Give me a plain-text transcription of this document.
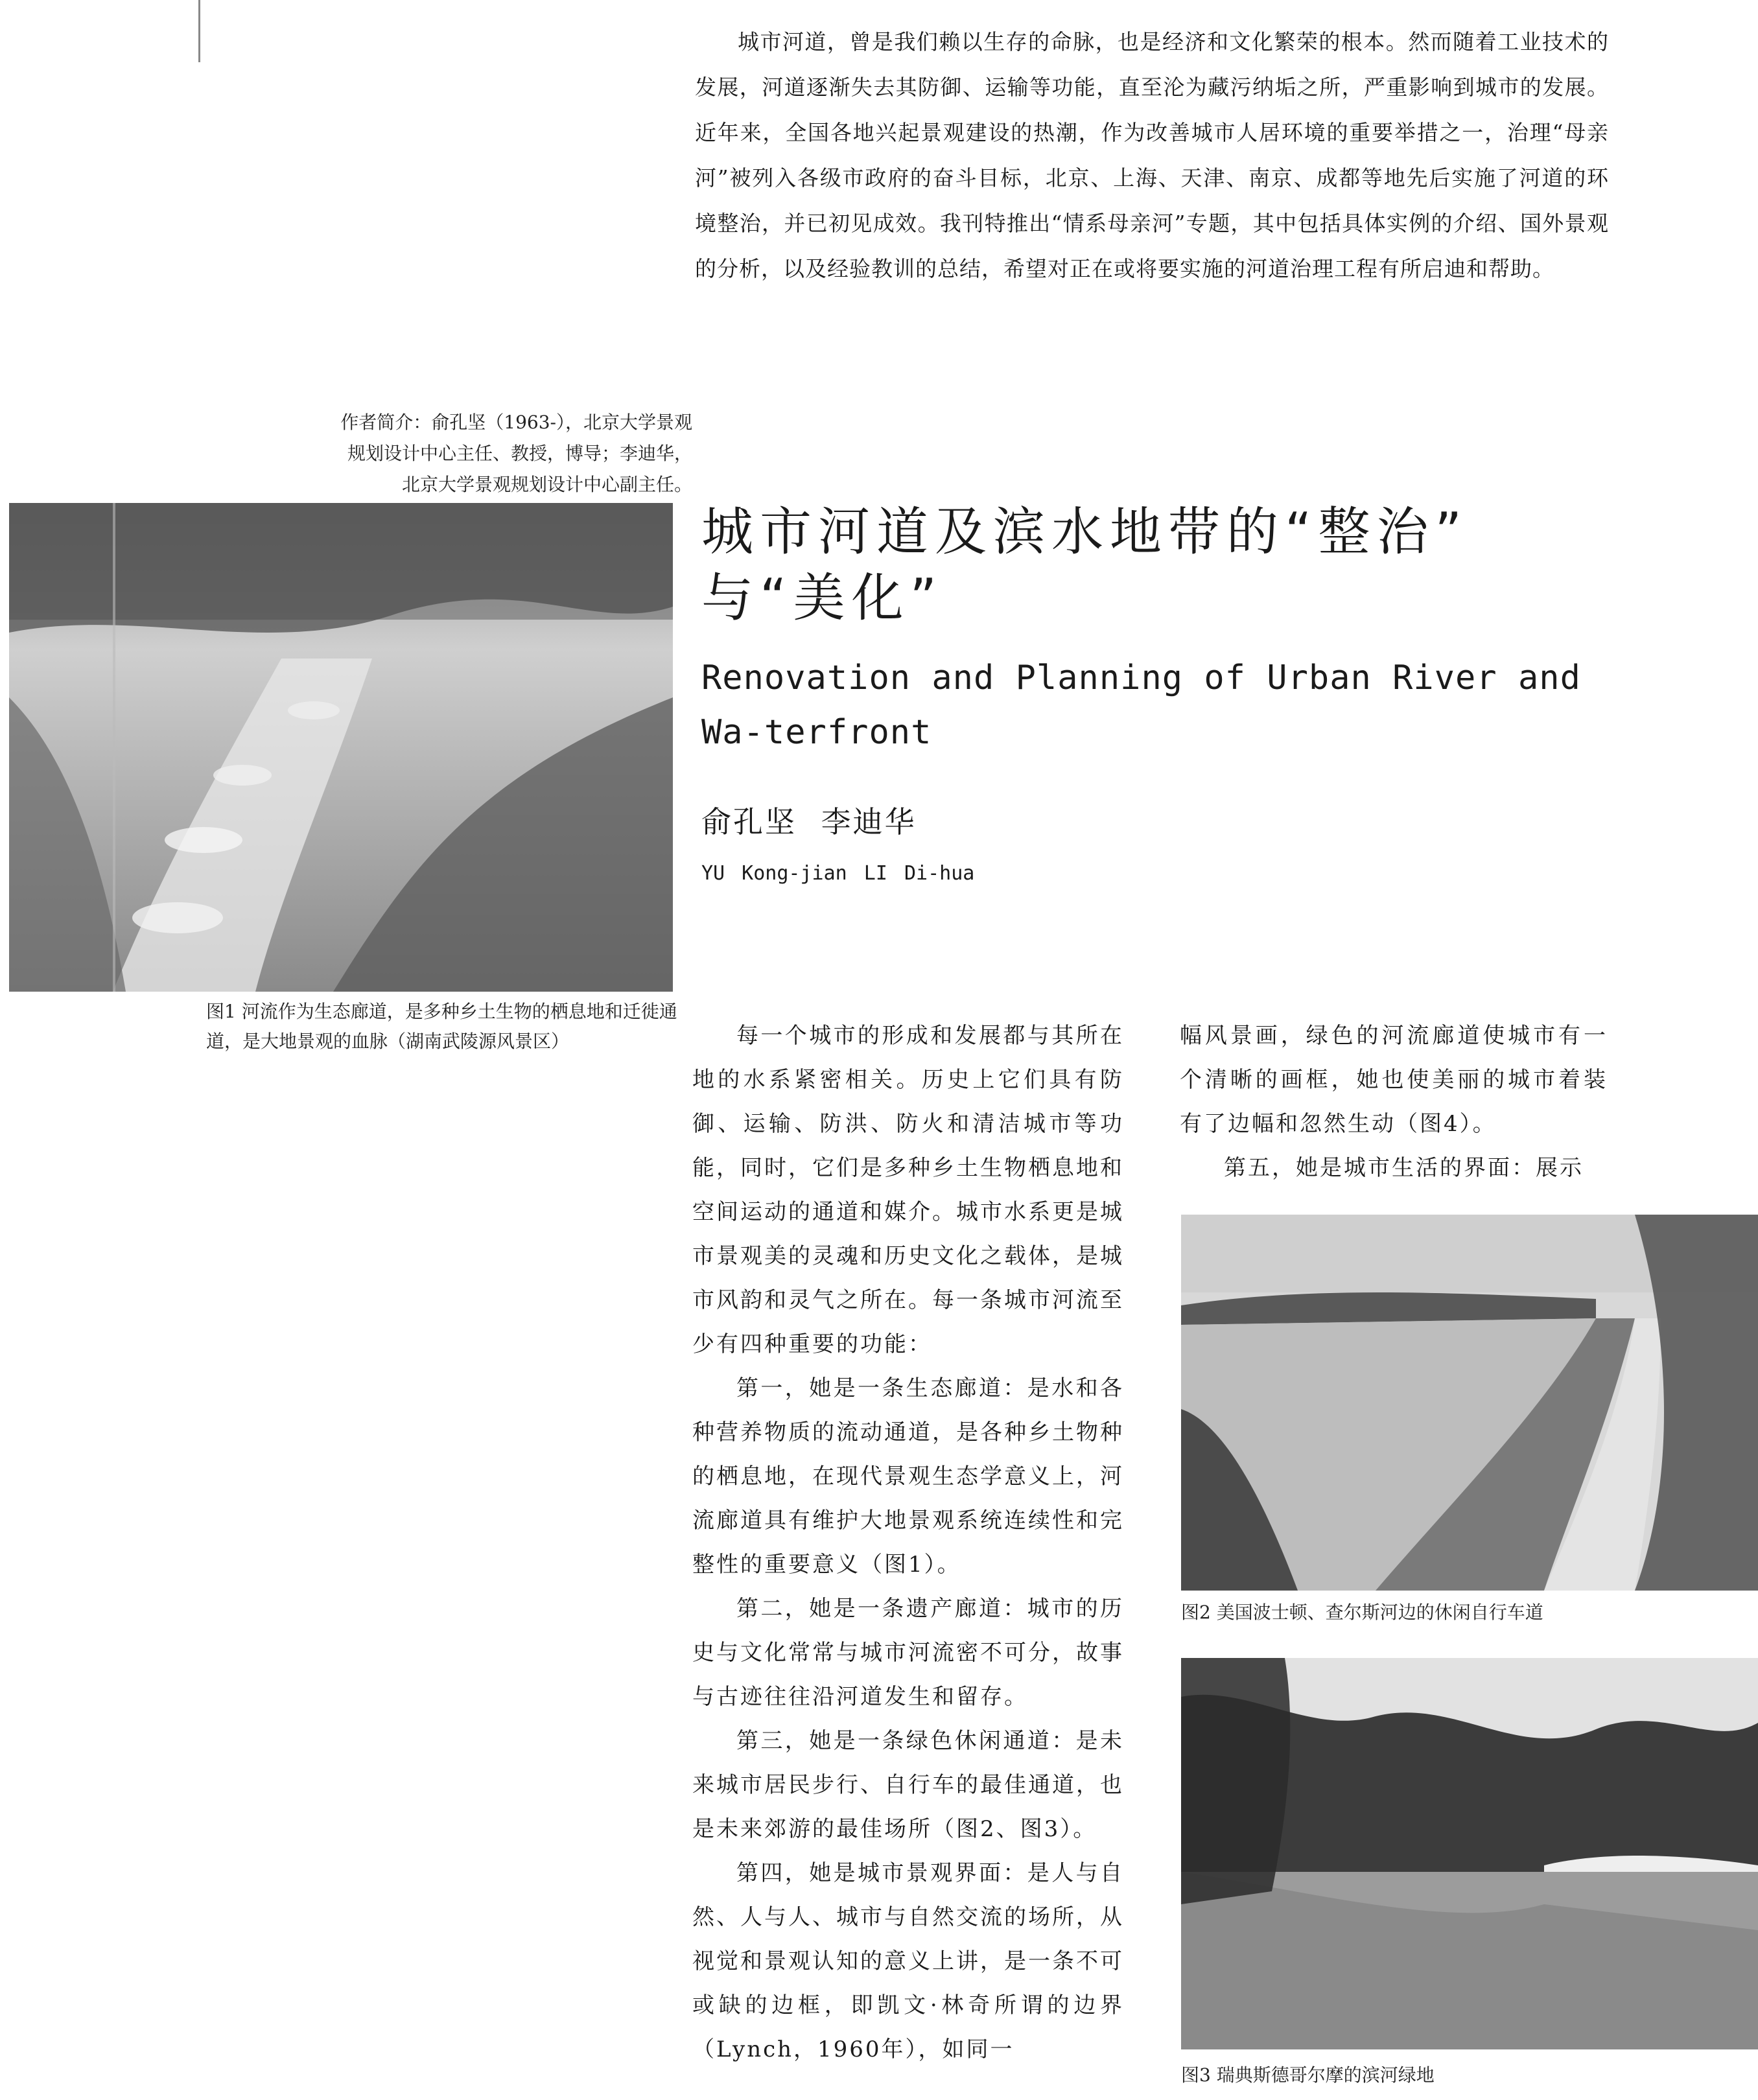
城市河道，曾是我们赖以生存的命脉，也是经济和文化繁荣的根本。然而随着工业技术的发展，河道逐渐失去其防御、运输等功能，直至沦为藏污纳垢之所，严重影响到城市的发展。近年来，全国各地兴起景观建设的热潮，作为改善城市人居环境的重要举措之一，治理“母亲河”被列入各级市政府的奋斗目标，北京、上海、天津、南京、成都等地先后实施了河道的环境整治，并已初见成效。我刊特推出“情系母亲河”专题，其中包括具体实例的介绍、国外景观的分析，以及经验教训的总结，希望对正在或将要实施的河道治理工程有所启迪和帮助。
作者简介：俞孔坚（1963-），北京大学景观
规划设计中心主任、教授，博导；李迪华，
北京大学景观规划设计中心副主任。
图1 河流作为生态廊道，是多种乡土生物的栖息地和迁徙通道，是大地景观的血脉（湖南武陵源风景区）
城市河道及滨水地带的“整治”
与“美化”
Renovation and Planning of Urban River and Wa-terfront
俞孔坚 李迪华
YU Kong-jian LI Di-hua

每一个城市的形成和发展都与其所在地的水系紧密相关。历史上它们具有防御、运输、防洪、防火和清洁城市等功能，同时，它们是多种乡土生物栖息地和空间运动的通道和媒介。城市水系更是城市景观美的灵魂和历史文化之载体，是城市风韵和灵气之所在。每一条城市河流至少有四种重要的功能：

第一，她是一条生态廊道：是水和各种营养物质的流动通道，是各种乡土物种的栖息地，在现代景观生态学意义上，河流廊道具有维护大地景观系统连续性和完整性的重要意义（图1）。

第二，她是一条遗产廊道：城市的历史与文化常常与城市河流密不可分，故事与古迹往往沿河道发生和留存。

第三，她是一条绿色休闲通道：是未来城市居民步行、自行车的最佳通道，也是未来郊游的最佳场所（图2、图3）。

第四，她是城市景观界面：是人与自然、人与人、城市与自然交流的场所，从视觉和景观认知的意义上讲，是一条不可或缺的边框，即凯文·林奇所谓的边界（Lynch，1960年），如同一

幅风景画，绿色的河流廊道使城市有一个清晰的画框，她也使美丽的城市着装有了边幅和忽然生动（图4）。

第五，她是城市生活的界面：展示

图2 美国波士顿、查尔斯河边的休闲自行车道
图3 瑞典斯德哥尔摩的滨河绿地
